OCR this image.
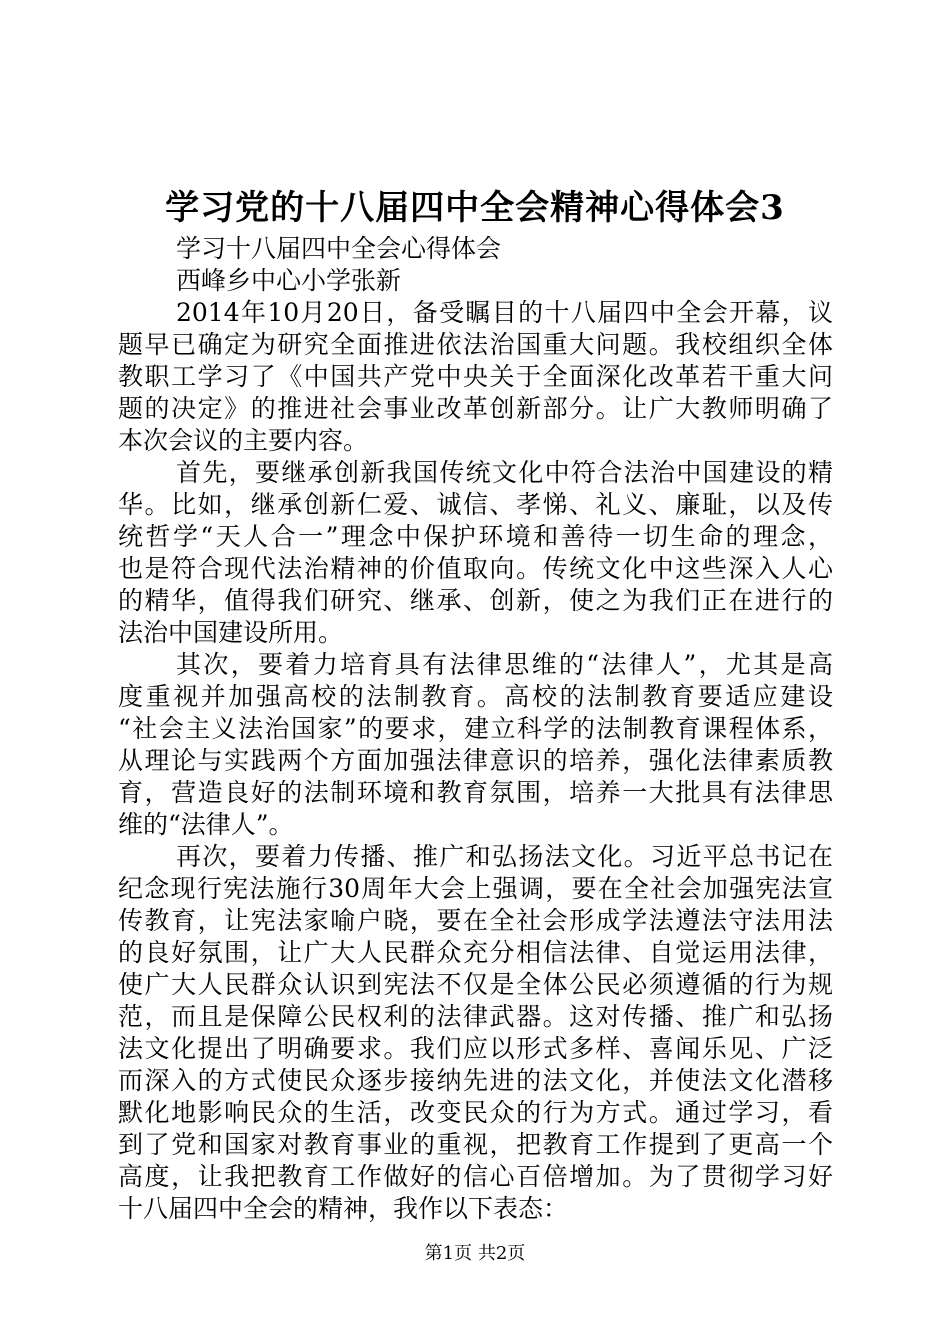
学习党的十八届四中全会精神心得体会3
学习十八届四中全会心得体会
西峰乡中心小学张新
2014年10月20日，备受瞩目的十八届四中全会开幕，议
题早已确定为研究全面推进依法治国重大问题。我校组织全体
教职工学习了《中国共产党中央关于全面深化改革若干重大问
题的决定》的推进社会事业改革创新部分。让广大教师明确了
本次会议的主要内容。
首先，要继承创新我国传统文化中符合法治中国建设的精
华。比如，继承创新仁爱、诚信、孝悌、礼义、廉耻，以及传
统哲学“天人合一”理念中保护环境和善待一切生命的理念，
也是符合现代法治精神的价值取向。传统文化中这些深入人心
的精华，值得我们研究、继承、创新，使之为我们正在进行的
法治中国建设所用。
其次，要着力培育具有法律思维的“法律人”，尤其是高
度重视并加强高校的法制教育。高校的法制教育要适应建设
“社会主义法治国家”的要求，建立科学的法制教育课程体系，
从理论与实践两个方面加强法律意识的培养，强化法律素质教
育，营造良好的法制环境和教育氛围，培养一大批具有法律思
维的“法律人”。
再次，要着力传播、推广和弘扬法文化。习近平总书记在
纪念现行宪法施行30周年大会上强调，要在全社会加强宪法宣
传教育，让宪法家喻户晓，要在全社会形成学法遵法守法用法
的良好氛围，让广大人民群众充分相信法律、自觉运用法律，
使广大人民群众认识到宪法不仅是全体公民必须遵循的行为规
范，而且是保障公民权利的法律武器。这对传播、推广和弘扬
法文化提出了明确要求。我们应以形式多样、喜闻乐见、广泛
而深入的方式使民众逐步接纳先进的法文化，并使法文化潜移
默化地影响民众的生活，改变民众的行为方式。通过学习，看
到了党和国家对教育事业的重视，把教育工作提到了更高一个
高度，让我把教育工作做好的信心百倍增加。为了贯彻学习好
十八届四中全会的精神，我作以下表态：
第1页 共2页
